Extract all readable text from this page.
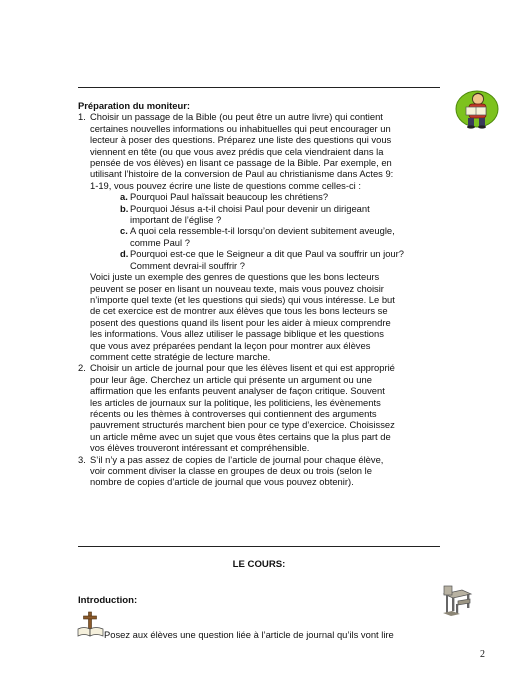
Préparation du moniteur:
1. Choisir un passage de la Bible (ou peut être un autre livre) qui contient
certaines nouvelles informations ou inhabituelles qui peut encourager un
lecteur à poser des questions. Préparez une liste des questions qui vous
viennent en tête (ou que vous avez prédis que cela viendraient dans la
pensée de vos élèves) en lisant ce passage de la Bible. Par exemple, en
utilisant l’histoire de la conversion de Paul au christianisme dans Actes 9:
1-19, vous pouvez écrire une liste de questions comme celles-ci :
a. Pourquoi Paul haïssait beaucoup les chrétiens?
b. Pourquoi Jésus a-t-il choisi Paul pour devenir un dirigeant
important de l’église ?
c. A quoi cela ressemble-t-il lorsqu’on devient subitement aveugle,
comme Paul ?
d. Pourquoi est-ce que le Seigneur a dit que Paul va souffrir un jour?
Comment devrai-il souffrir ?
Voici juste un exemple des genres de questions que les bons lecteurs
peuvent se poser en lisant un nouveau texte, mais vous pouvez choisir
n’importe quel texte (et les questions qui sieds) qui vous intéresse. Le but
de cet exercice est de montrer aux élèves que tous les bons lecteurs se
posent des questions quand ils lisent pour les aider à mieux comprendre
les informations. Vous allez utiliser le passage biblique et les questions
que vous avez préparées pendant la leçon pour montrer aux élèves
comment cette stratégie de lecture marche.
2. Choisir un article de journal pour que les élèves lisent et qui est approprié
pour leur âge. Cherchez un article qui présente un argument ou une
affirmation que les enfants peuvent analyser de façon critique. Souvent
les articles de journaux sur la politique, les politiciens, les évènements
récents ou les thèmes à controverses qui contiennent des arguments
pauvrement structurés marchent bien pour ce type d’exercice. Choisissez
un article même avec un sujet que vous êtes certains que la plus part de
vos élèves trouveront intéressant et compréhensible.
3. S’il n’y a pas assez de copies de l’article de journal pour chaque élève,
voir comment diviser la classe en groupes de deux ou trois (selon le
nombre de copies d’article de journal que vous pouvez obtenir).
LE COURS:
Introduction:
Posez aux élèves une question liée à l’article de journal qu’ils vont lire
2
